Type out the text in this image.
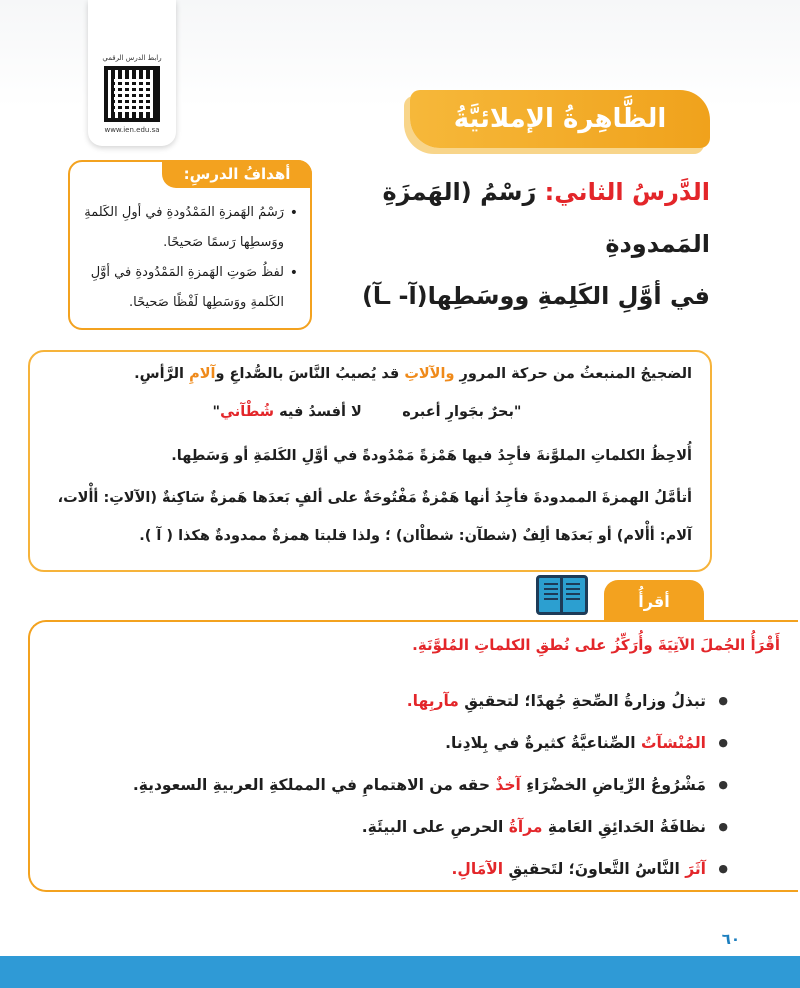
رابط الدرس الرقمي
www.ien.edu.sa	الظَّاهِرةُ الإملائيَّةُ
أهدافُ الدرسِ:
• رَسْمُ الهَمزةِ المَمْدُودةِ في أولِ الكَلمةِ ووَسطِها رَسمًا صَحيحًا.
• لفظُ صَوتِ الهَمزةِ المَمْدُودةِ في أوَّلِ الكَلمةِ ووَسَطِها لَفْظًا صَحيحًا.
الدَّرسُ الثاني: رَسْمُ (الهَمزَةِ المَمدودةِ
في أوَّلِ الكَلِمةِ ووسَطِها(آ- ـآ)
الضجيجُ المنبعثُ من حركة المرورِ والآلاتِ قد يُصيبُ النَّاسَ بالصُّداعِ وآلامِ الرَّأسِ.
"بحرٌ بجَوارِ أعبره        لا أفسدُ فيه شُطْآني"
أُلاحِظُ الكلماتِ الملوَّنةَ فأجِدُ فيها هَمْزةً مَمْدُودةً في أوَّلِ الكَلمَةِ أو وَسَطِها.
أتأمَّلُ الهمزةَ الممدودةَ فأجِدُ أنها هَمْزةٌ مَفْتُوحَةٌ على ألفٍ بَعدَها هَمزةٌ سَاكِنةٌ (الآلاتِ: أأْلات،
آلام: أأْلام) أو بَعدَها ألِفٌ (شطآن: شطاْان) ؛ ولذا قلبتا همزةٌ ممدودةٌ هكذا ( آ ).
أقرأُ
أَقْرَأُ الجُملَ الآتِيَةَ وأُرَكِّزُ على نُطقِ الكلماتِ المُلوَّنَةِ.
● تبذلُ وزارةُ الصِّحةِ جُهدًا؛ لتحقيقِ مآربِها.
● المُنْشآتُ الصِّناعيَّةُ كثيرةٌ في بِلادِنا.
● مَشْرُوعُ الرِّياضِ الخضْرَاءِ آخذٌ حقه من الاهتمامِ في المملكةِ العربيةِ السعوديةِ.
● نظافَةُ الحَدائِقِ العَامةِ مرآةُ الحرصِ على البيئَةِ.
● آثَرَ النَّاسُ التَّعاونَ؛ لتَحقيقِ الآمَالِ.
٦٠
